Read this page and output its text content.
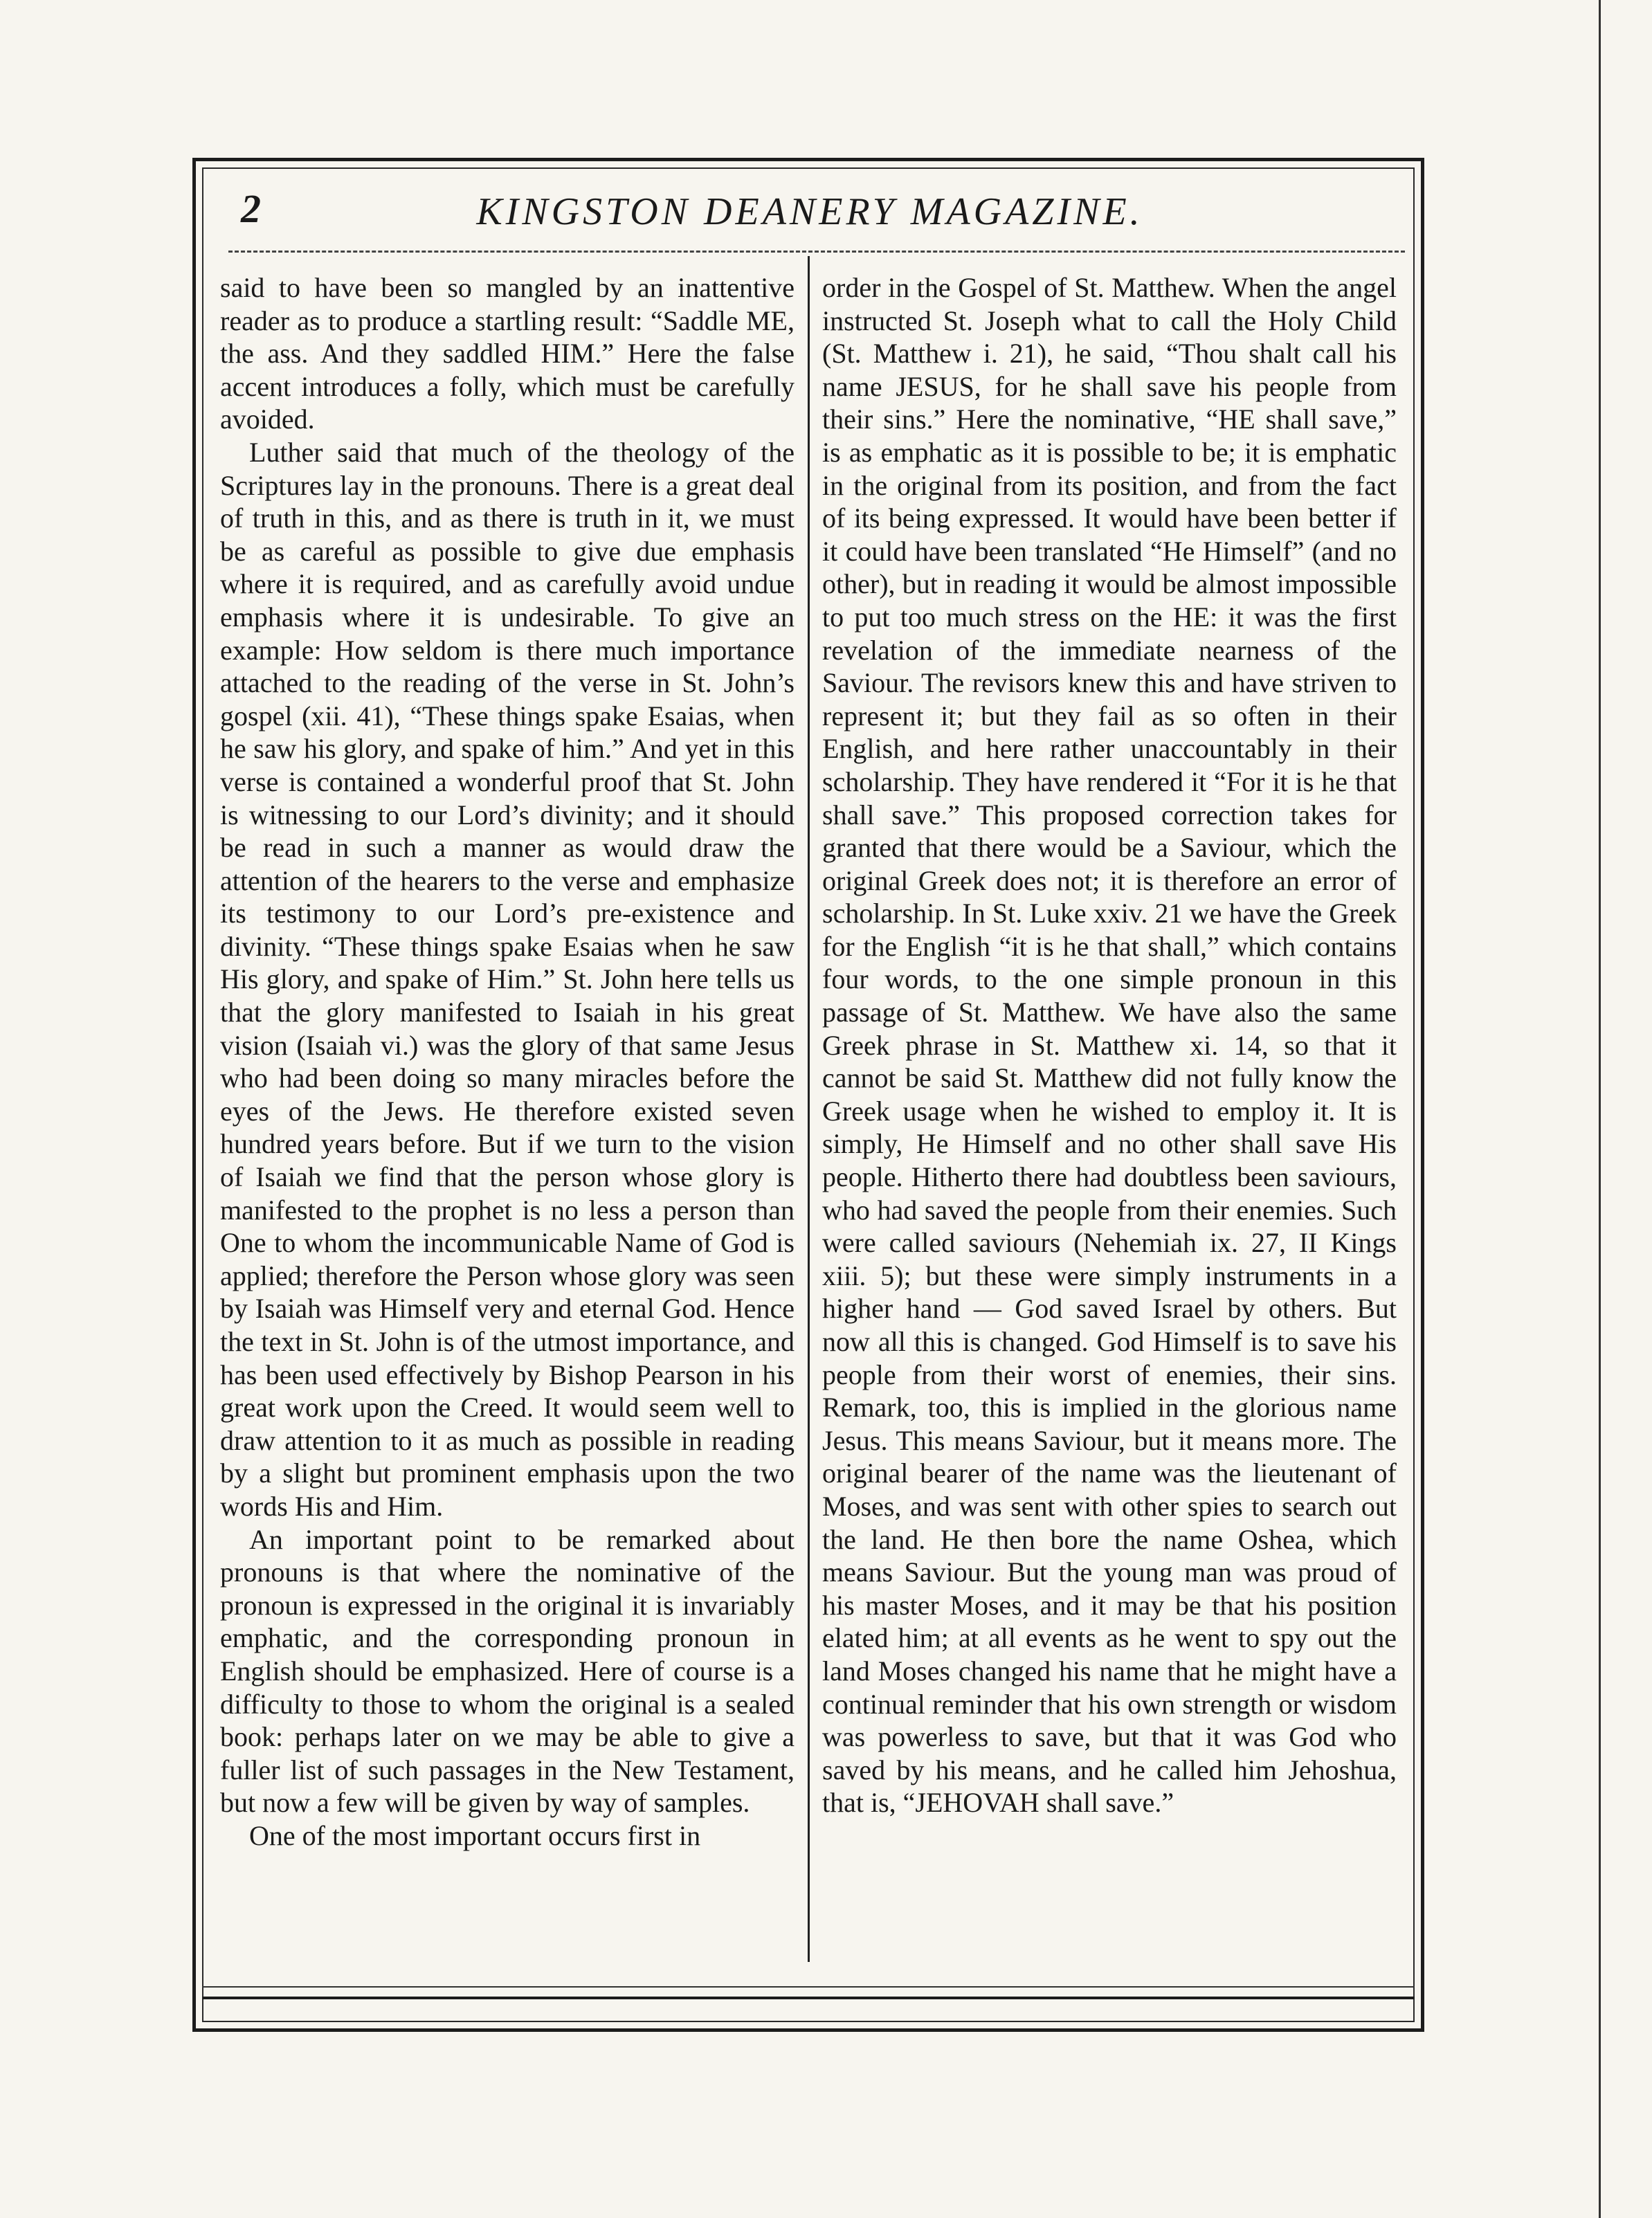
2	KINGSTON DEANERY MAGAZINE.

said to have been so mangled by an inattentive reader as to produce a startling result: “Saddle ME, the ass. And they saddled HIM.” Here the false accent introduces a folly, which must be carefully avoided.

Luther said that much of the theology of the Scriptures lay in the pronouns. There is a great deal of truth in this, and as there is truth in it, we must be as careful as possible to give due emphasis where it is required, and as carefully avoid undue emphasis where it is undesirable. To give an example: How seldom is there much importance attached to the reading of the verse in St. John’s gospel (xii. 41), “These things spake Esaias, when he saw his glory, and spake of him.” And yet in this verse is contained a wonderful proof that St. John is witnessing to our Lord’s divinity; and it should be read in such a manner as would draw the attention of the hearers to the verse and emphasize its testimony to our Lord’s pre-existence and divinity. “These things spake Esaias when he saw His glory, and spake of Him.” St. John here tells us that the glory manifested to Isaiah in his great vision (Isaiah vi.) was the glory of that same Jesus who had been doing so many miracles before the eyes of the Jews. He therefore existed seven hundred years before. But if we turn to the vision of Isaiah we find that the person whose glory is manifested to the prophet is no less a person than One to whom the incommunicable Name of God is applied; therefore the Person whose glory was seen by Isaiah was Himself very and eternal God. Hence the text in St. John is of the utmost importance, and has been used effectively by Bishop Pearson in his great work upon the Creed. It would seem well to draw attention to it as much as possible in reading by a slight but prominent emphasis upon the two words His and Him.

An important point to be remarked about pronouns is that where the nominative of the pronoun is expressed in the original it is invariably emphatic, and the corresponding pronoun in English should be emphasized. Here of course is a difficulty to those to whom the original is a sealed book: perhaps later on we may be able to give a fuller list of such passages in the New Testament, but now a few will be given by way of samples.

One of the most important occurs first in

order in the Gospel of St. Matthew. When the angel instructed St. Joseph what to call the Holy Child (St. Matthew i. 21), he said, “Thou shalt call his name JESUS, for he shall save his people from their sins.” Here the nominative, “HE shall save,” is as emphatic as it is possible to be; it is emphatic in the original from its position, and from the fact of its being expressed. It would have been better if it could have been translated “He Himself” (and no other), but in reading it would be almost impossible to put too much stress on the HE: it was the first revelation of the immediate nearness of the Saviour. The revisors knew this and have striven to represent it; but they fail as so often in their English, and here rather unaccountably in their scholarship. They have rendered it “For it is he that shall save.” This proposed correction takes for granted that there would be a Saviour, which the original Greek does not; it is therefore an error of scholarship. In St. Luke xxiv. 21 we have the Greek for the English “it is he that shall,” which contains four words, to the one simple pronoun in this passage of St. Matthew. We have also the same Greek phrase in St. Matthew xi. 14, so that it cannot be said St. Matthew did not fully know the Greek usage when he wished to employ it. It is simply, He Himself and no other shall save His people. Hitherto there had doubtless been saviours, who had saved the people from their enemies. Such were called saviours (Nehemiah ix. 27, II Kings xiii. 5); but these were simply instruments in a higher hand — God saved Israel by others. But now all this is changed. God Himself is to save his people from their worst of enemies, their sins. Remark, too, this is implied in the glorious name Jesus. This means Saviour, but it means more. The original bearer of the name was the lieutenant of Moses, and was sent with other spies to search out the land. He then bore the name Oshea, which means Saviour. But the young man was proud of his master Moses, and it may be that his position elated him; at all events as he went to spy out the land Moses changed his name that he might have a continual reminder that his own strength or wisdom was powerless to save, but that it was God who saved by his means, and he called him Jehoshua, that is, “JEHOVAH shall save.”
